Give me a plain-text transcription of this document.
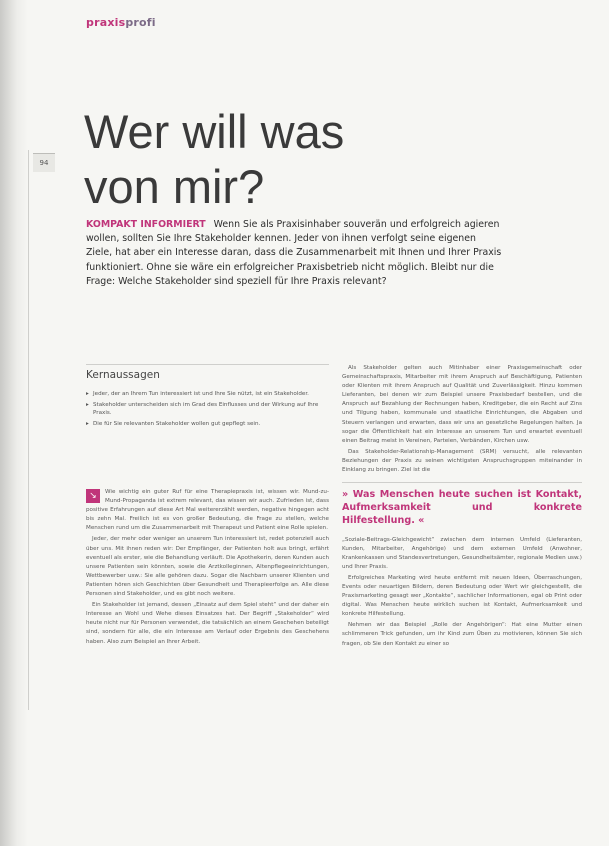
praxisprofi
94
Wer will was
von mir?
KOMPAKT INFORMIERT Wenn Sie als Praxisinhaber souverän und erfolgreich agieren wollen, sollten Sie Ihre Stakeholder kennen. Jeder von ihnen verfolgt seine eigenen Ziele, hat aber ein Interesse daran, dass die Zusammenarbeit mit Ihnen und Ihrer Praxis funktioniert. Ohne sie wäre ein erfolgreicher Praxisbetrieb nicht möglich. Bleibt nur die Frage: Welche Stakeholder sind speziell für Ihre Praxis relevant?
Kernaussagen
▸ Jeder, der an Ihrem Tun interessiert ist und Ihre Sie nützt, ist ein Stakeholder.
▸ Stakeholder unterscheiden sich im Grad des Einflusses und der Wirkung auf Ihre Praxis.
▸ Die für Sie relevanten Stakeholder wollen gut gepflegt sein.

↘	Wie wichtig ein guter Ruf für eine Therapiepraxis ist, wissen wir. Mund-zu-Mund-Propaganda ist extrem relevant, das wissen wir auch. Zufrieden ist, dass positive Erfahrungen auf diese Art Mal weitererzählt werden, negative hingegen acht bis zehn Mal. Freilich ist es von großer Bedeutung, die Frage zu stellen, welche Menschen rund um die Zusammenarbeit mit Therapeut und Patient eine Rolle spielen.

Jeder, der mehr oder weniger an unserem Tun interessiert ist, redet potenziell auch über uns. Mit ihnen reden wir: Der Empfänger, der Patienten holt aus bringt, erfährt eventuell als erster, wie die Behandlung verläuft. Die Apothekerin, deren Kunden auch unsere Patienten sein könnten, sowie die Arztkolleginnen, Altenpflegeeinrichtungen, Wettbewerber usw.: Sie alle gehören dazu. Sogar die Nachbarn unserer Klienten und Patienten hören sich Geschichten über Gesundheit und Therapieerfolge an. Alle diese Personen sind Stakeholder, und es gibt noch weitere.

Ein Stakeholder ist jemand, dessen „Einsatz auf dem Spiel steht“ und der daher ein Interesse an Wohl und Wehe dieses Einsatzes hat. Der Begriff „Stakeholder“ wird heute nicht nur für Personen verwendet, die tatsächlich an einem Geschehen beteiligt sind, sondern für alle, die ein Interesse am Verlauf oder Ergebnis des Geschehens haben. Also zum Beispiel an Ihrer Arbeit.

Als Stakeholder gelten auch Mitinhaber einer Praxisgemeinschaft oder Gemeinschaftspraxis, Mitarbeiter mit ihrem Anspruch auf Beschäftigung, Patienten oder Klienten mit ihrem Anspruch auf Qualität und Zuverlässigkeit. Hinzu kommen Lieferanten, bei denen wir zum Beispiel unsere Praxisbedarf bestellen, und die Anspruch auf Bezahlung der Rechnungen haben, Kreditgeber, die ein Recht auf Zins und Tilgung haben, kommunale und staatliche Einrichtungen, die Abgaben und Steuern verlangen und erwarten, dass wir uns an gesetzliche Regelungen halten. Ja sogar die Öffentlichkeit hat ein Interesse an unserem Tun und erwartet eventuell einen Beitrag meist in Vereinen, Parteien, Verbänden, Kirchen usw.

Das Stakeholder-Relationship-Management (SRM) versucht, alle relevanten Beziehungen der Praxis zu seinen wichtigsten Anspruchsgruppen miteinander in Einklang zu bringen. Ziel ist die

» Was Menschen heute suchen ist Kontakt, Aufmerksamkeit und konkrete Hilfestellung. «

„Soziale-Beitrags-Gleichgewicht“ zwischen dem internen Umfeld (Lieferanten, Kunden, Mitarbeiter, Angehörige) und dem externen Umfeld (Anwohner, Krankenkassen und Standesvertretungen, Gesundheitsämter, regionale Medien usw.) und Ihrer Praxis.

Erfolgreiches Marketing wird heute entfernt mit neuen Ideen, Überraschungen, Events oder neuartigen Bildern, deren Bedeutung oder Wert wir gleichgestellt, die Praxismarketing gesagt wer „Kontakte“, sachlicher Informationen, egal ob Print oder digital. Was Menschen heute wirklich suchen ist Kontakt, Aufmerksamkeit und konkrete Hilfestellung.

Nehmen wir das Beispiel „Rolle der Angehörigen“: Hat eine Mutter einen schlimmeren Trick gefunden, um ihr Kind zum Üben zu motivieren, können Sie sich fragen, ob Sie den Kontakt zu einer so
